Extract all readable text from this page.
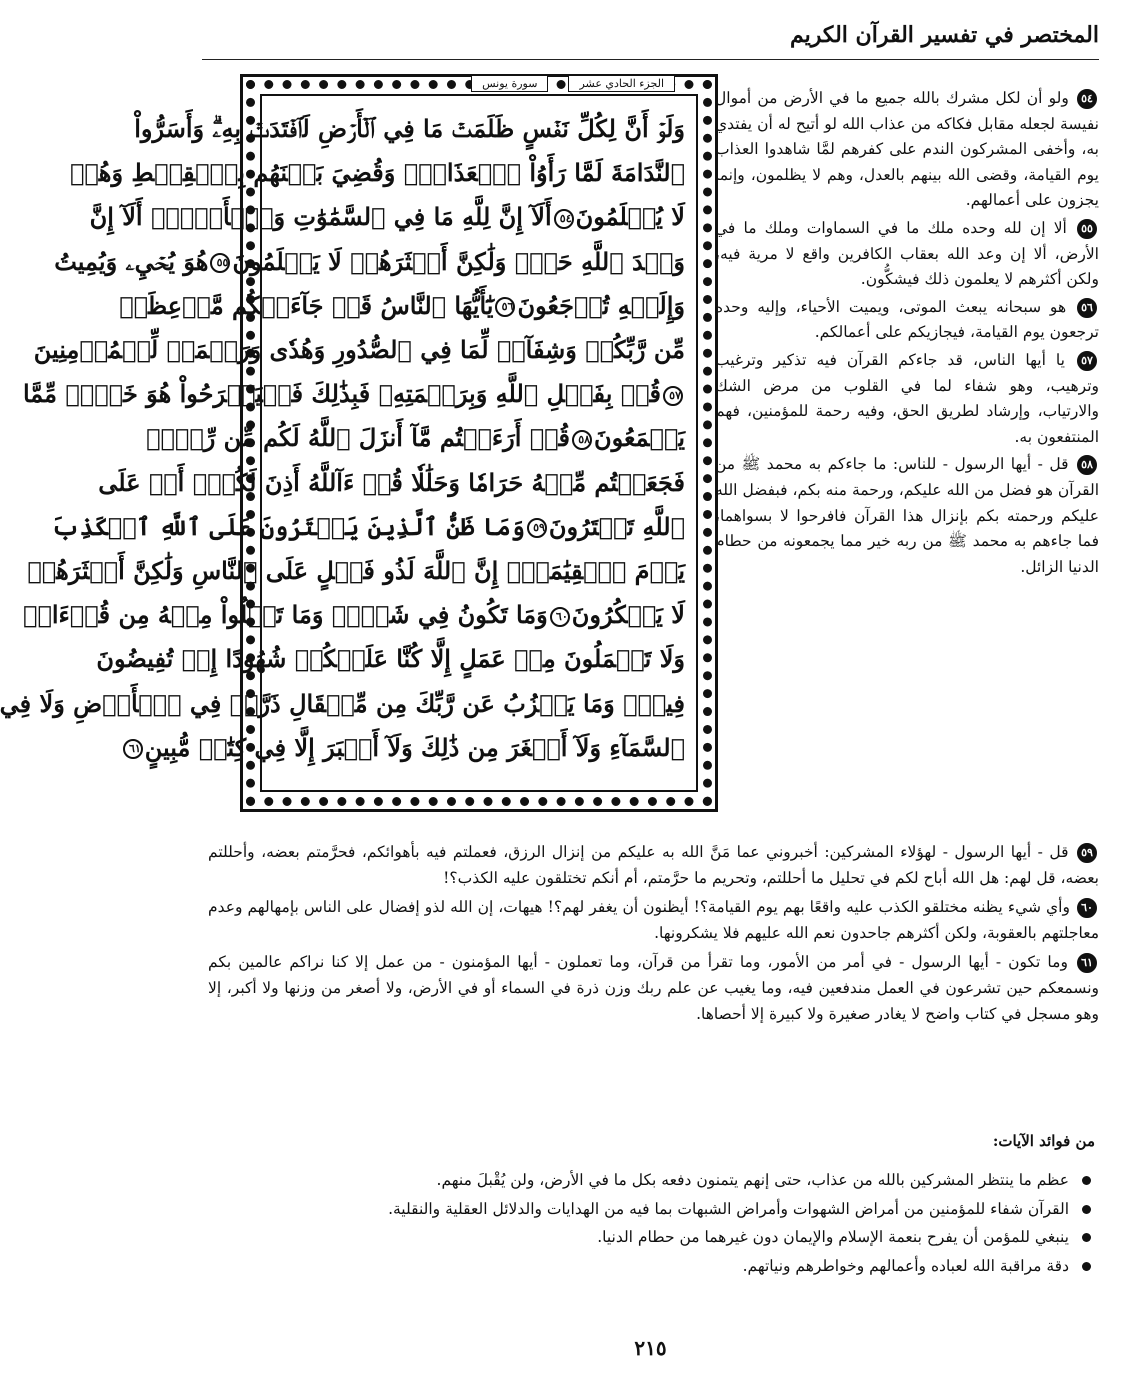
المختصر في تفسير القرآن الكريم
الجزء الحادي عشر
سورة يونس
وَلَوۡ أَنَّ لِكُلِّ نَفۡسٍ ظَلَمَتۡ مَا فِي ٱلۡأَرۡضِ لَٱفۡتَدَتۡ بِهِۦۗ وَأَسَرُّواْ
ٱلنَّدَامَةَ لَمَّا رَأَوُاْ ٱلۡعَذَابَۖ وَقُضِيَ بَيۡنَهُم بِٱلۡقِسۡطِ وَهُمۡ
لَا يُظۡلَمُونَ٥٤أَلَآ إِنَّ لِلَّهِ مَا فِي ٱلسَّمَٰوَٰتِ وَٱلۡأَرۡضِۗ أَلَآ إِنَّ
وَعۡدَ ٱللَّهِ حَقّٞ وَلَٰكِنَّ أَكۡثَرَهُمۡ لَا يَعۡلَمُونَ٥٥هُوَ يُحۡيِۦ وَيُمِيتُ
وَإِلَيۡهِ تُرۡجَعُونَ٥٦يَٰٓأَيُّهَا ٱلنَّاسُ قَدۡ جَآءَتۡكُم مَّوۡعِظَةٞ
مِّن رَّبِّكُمۡ وَشِفَآءٞ لِّمَا فِي ٱلصُّدُورِ وَهُدٗى وَرَحۡمَةٞ لِّلۡمُؤۡمِنِينَ
٥٧قُلۡ بِفَضۡلِ ٱللَّهِ وَبِرَحۡمَتِهِۦ فَبِذَٰلِكَ فَلۡيَفۡرَحُواْ هُوَ خَيۡرٞ مِّمَّا
يَجۡمَعُونَ٥٨قُلۡ أَرَءَيۡتُم مَّآ أَنزَلَ ٱللَّهُ لَكُم مِّن رِّزۡقٖ
فَجَعَلۡتُم مِّنۡهُ حَرَامٗا وَحَلَٰلٗا قُلۡ ءَآللَّهُ أَذِنَ لَكُمۡۖ أَمۡ عَلَى
ٱللَّهِ تَفۡتَرُونَ٥٩وَمَا ظَنُّ ٱلَّذِينَ يَفۡتَرُونَ عَلَى ٱللَّهِ ٱلۡكَذِبَ
يَوۡمَ ٱلۡقِيَٰمَةِۗ إِنَّ ٱللَّهَ لَذُو فَضۡلٍ عَلَى ٱلنَّاسِ وَلَٰكِنَّ أَكۡثَرَهُمۡ
لَا يَشۡكُرُونَ٦٠وَمَا تَكُونُ فِي شَأۡنٖ وَمَا تَتۡلُواْ مِنۡهُ مِن قُرۡءَانٖ
وَلَا تَعۡمَلُونَ مِنۡ عَمَلٍ إِلَّا كُنَّا عَلَيۡكُمۡ شُهُودًا إِذۡ تُفِيضُونَ
فِيهِۚ وَمَا يَعۡزُبُ عَن رَّبِّكَ مِن مِّثۡقَالِ ذَرَّةٖ فِي ٱلۡأَرۡضِ وَلَا فِي
ٱلسَّمَآءِ وَلَآ أَصۡغَرَ مِن ذَٰلِكَ وَلَآ أَكۡبَرَ إِلَّا فِي كِتَٰبٖ مُّبِينٍ٦١

٥٤ ولو أن لكل مشرك بالله جميع ما في الأرض من أموال نفيسة لجعله مقابل فكاكه من عذاب الله لو أتيح له أن يفتدي به، وأخفى المشركون الندم على كفرهم لمَّا شاهدوا العذاب يوم القيامة، وقضى الله بينهم بالعدل، وهم لا يظلمون، وإنما يجزون على أعمالهم.

٥٥ ألا إن لله وحده ملك ما في السماوات وملك ما في الأرض، ألا إن وعد الله بعقاب الكافرين واقع لا مرية فيه، ولكن أكثرهم لا يعلمون ذلك فيشكُّون.

٥٦ هو سبحانه يبعث الموتى، ويميت الأحياء، وإليه وحده ترجعون يوم القيامة، فيجازيكم على أعمالكم.

٥٧ يا أيها الناس، قد جاءكم القرآن فيه تذكير وترغيب وترهيب، وهو شفاء لما في القلوب من مرض الشك والارتياب، وإرشاد لطريق الحق، وفيه رحمة للمؤمنين، فهم المنتفعون به.

٥٨ قل - أيها الرسول - للناس: ما جاءكم به محمد ﷺ من القرآن هو فضل من الله عليكم، ورحمة منه بكم، فبفضل الله عليكم ورحمته بكم بإنزال هذا القرآن فافرحوا لا بسواهما، فما جاءهم به محمد ﷺ من ربه خير مما يجمعونه من حطام الدنيا الزائل.

٥٩ قل - أيها الرسول - لهؤلاء المشركين: أخبروني عما مَنَّ الله به عليكم من إنزال الرزق، فعملتم فيه بأهوائكم، فحرَّمتم بعضه، وأحللتم بعضه، قل لهم: هل الله أباح لكم في تحليل ما أحللتم، وتحريم ما حرَّمتم، أم أنكم تختلقون عليه الكذب؟!

٦٠ وأي شيء يظنه مختلقو الكذب عليه واقعًا بهم يوم القيامة؟! أيظنون أن يغفر لهم؟! هيهات، إن الله لذو إفضال على الناس بإمهالهم وعدم معاجلتهم بالعقوبة، ولكن أكثرهم جاحدون نعم الله عليهم فلا يشكرونها.

٦١ وما تكون - أيها الرسول - في أمر من الأمور، وما تقرأ من قرآن، وما تعملون - أيها المؤمنون - من عمل إلا كنا نراكم عالمين بكم ونسمعكم حين تشرعون في العمل مندفعين فيه، وما يغيب عن علم ربك وزن ذرة في السماء أو في الأرض، ولا أصغر من وزنها ولا أكبر، إلا وهو مسجل في كتاب واضح لا يغادر صغيرة ولا كبيرة إلا أحصاها.

من فوائد الآيات:
عظم ما ينتظر المشركين بالله من عذاب، حتى إنهم يتمنون دفعه بكل ما في الأرض، ولن يُقْبلَ منهم.
القرآن شفاء للمؤمنين من أمراض الشهوات وأمراض الشبهات بما فيه من الهدايات والدلائل العقلية والنقلية.
ينبغي للمؤمن أن يفرح بنعمة الإسلام والإيمان دون غيرهما من حطام الدنيا.
دقة مراقبة الله لعباده وأعمالهم وخواطرهم ونياتهم.
٢١٥
